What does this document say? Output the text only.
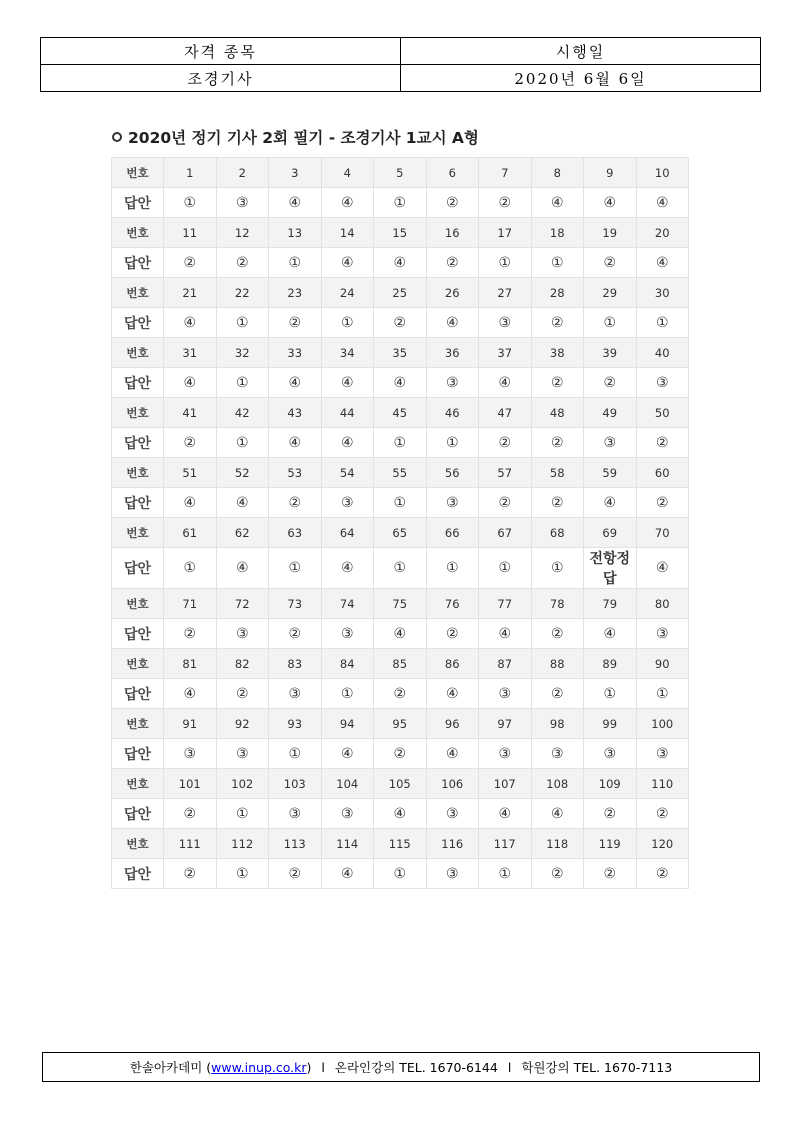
자격 종목	시행일
조경기사	2020년 6월 6일
2020년 정기 기사 2회 필기 - 조경기사 1교시 A형
번호	1	2	3	4	5	6	7	8	9	10
답안	①	③	④	④	①	②	②	④	④	④
번호	11	12	13	14	15	16	17	18	19	20
답안	②	②	①	④	④	②	①	①	②	④
번호	21	22	23	24	25	26	27	28	29	30
답안	④	①	②	①	②	④	③	②	①	①
번호	31	32	33	34	35	36	37	38	39	40
답안	④	①	④	④	④	③	④	②	②	③
번호	41	42	43	44	45	46	47	48	49	50
답안	②	①	④	④	①	①	②	②	③	②
번호	51	52	53	54	55	56	57	58	59	60
답안	④	④	②	③	①	③	②	②	④	②
번호	61	62	63	64	65	66	67	68	69	70
답안	①	④	①	④	①	①	①	①	전항정답	④
번호	71	72	73	74	75	76	77	78	79	80
답안	②	③	②	③	④	②	④	②	④	③
번호	81	82	83	84	85	86	87	88	89	90
답안	④	②	③	①	②	④	③	②	①	①
번호	91	92	93	94	95	96	97	98	99	100
답안	③	③	①	④	②	④	③	③	③	③
번호	101	102	103	104	105	106	107	108	109	110
답안	②	①	③	③	④	③	④	④	②	②
번호	111	112	113	114	115	116	117	118	119	120
답안	②	①	②	④	①	③	①	②	②	②
한솔아카데미 ( www.inup.co.kr ) l 온라인강의 TEL. 1670-6144 l 학원강의 TEL. 1670-7113
